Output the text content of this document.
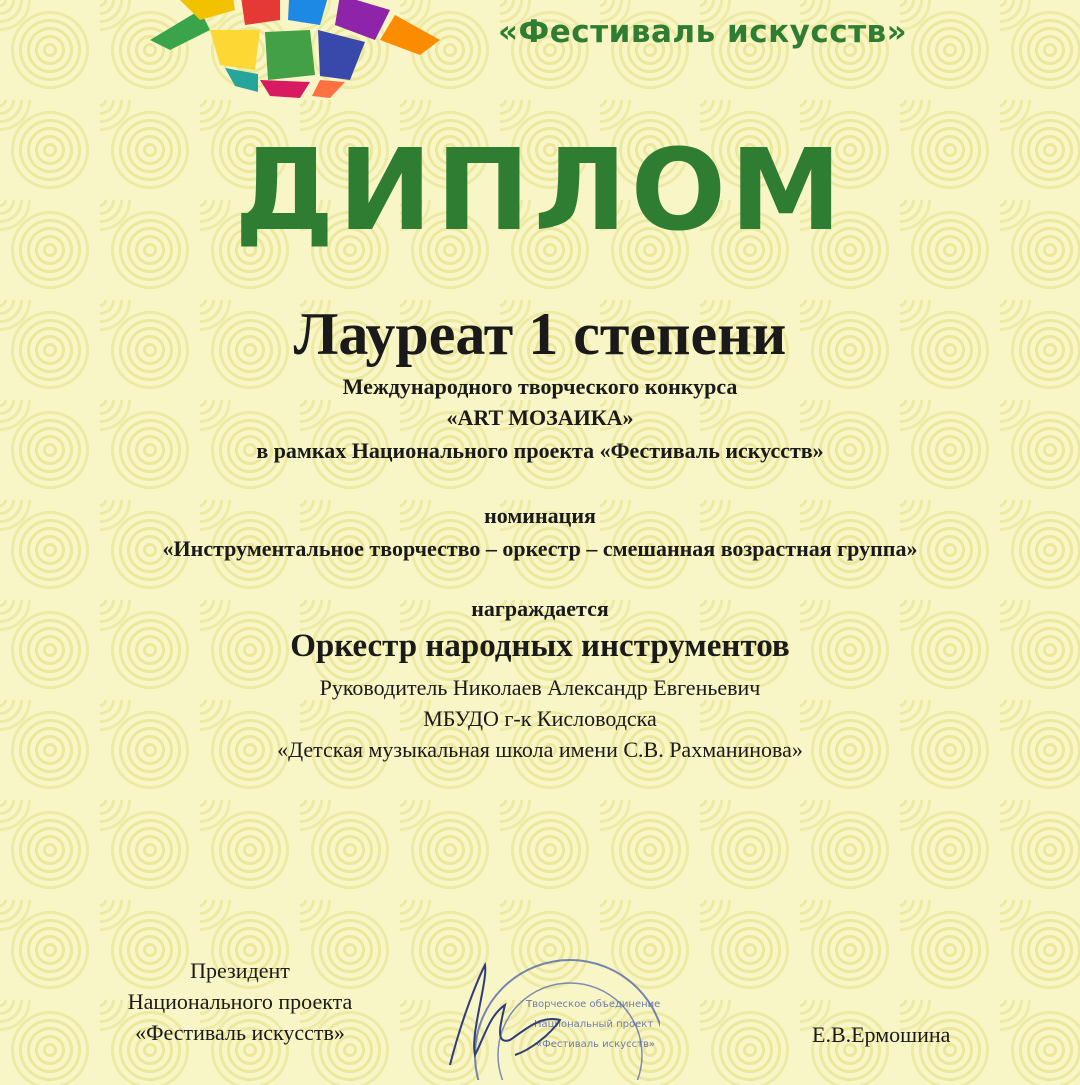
«Фестиваль искусств»
ДИПЛОМ
Лауреат 1 степени
Международного творческого конкурса
«ART МОЗАИКА»
в рамках Национального проекта «Фестиваль искусств»
номинация
«Инструментальное творчество – оркестр – смешанная возрастная группа»
награждается
Оркестр народных инструментов
Руководитель Николаев Александр Евгеньевич
МБУДО г-к Кисловодска
«Детская музыкальная школа имени С.В. Рахманинова»
Президент
Национального проекта
«Фестиваль искусств»
Творческое объединение
Национальный проект
«Фестиваль искусств»	Е.В.Ермошина
